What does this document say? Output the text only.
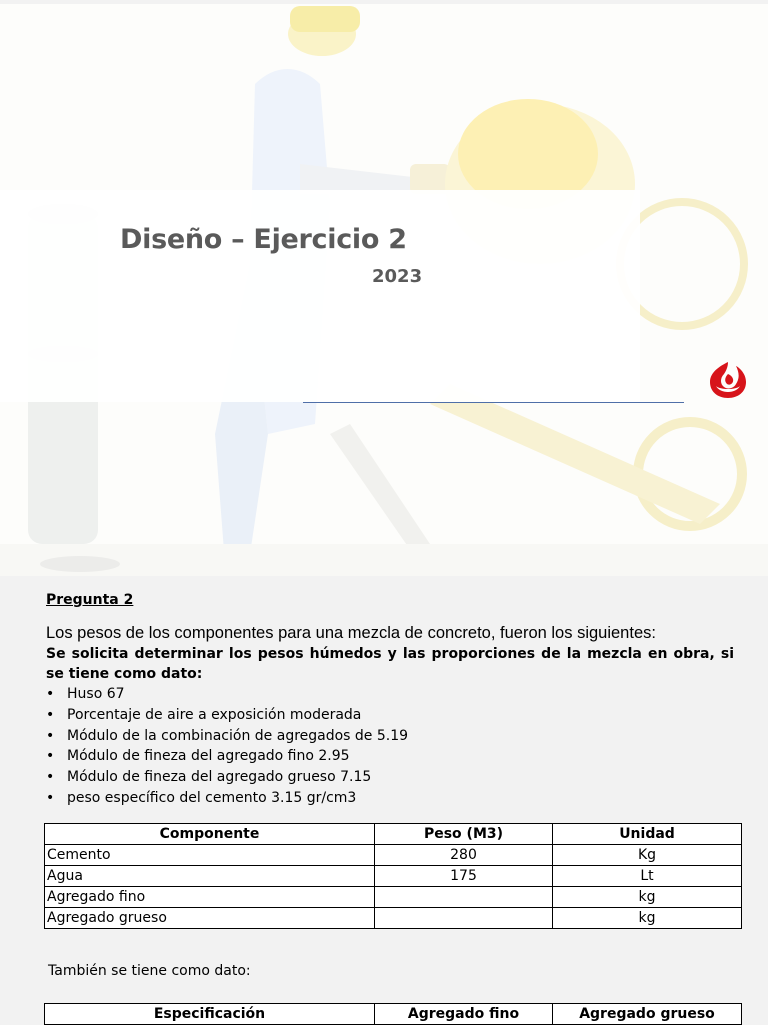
Diseño – Ejercicio 2
2023
Pregunta 2

Los pesos de los componentes para una mezcla de concreto, fueron los siguientes:

Se solicita determinar los pesos húmedos y las proporciones de la mezcla en obra, si se tiene como dato:

• Huso 67
• Porcentaje de aire a exposición moderada
• Módulo de la combinación de agregados de 5.19
• Módulo de fineza del agregado fino 2.95
• Módulo de fineza del agregado grueso 7.15
• peso específico del cemento 3.15 gr/cm3
Componente	Peso (M3)	Unidad
Cemento	280	Kg
Agua	175	Lt
Agregado fino		kg
Agregado grueso		kg
También se tiene como dato:
Especificación	Agregado fino	Agregado grueso
